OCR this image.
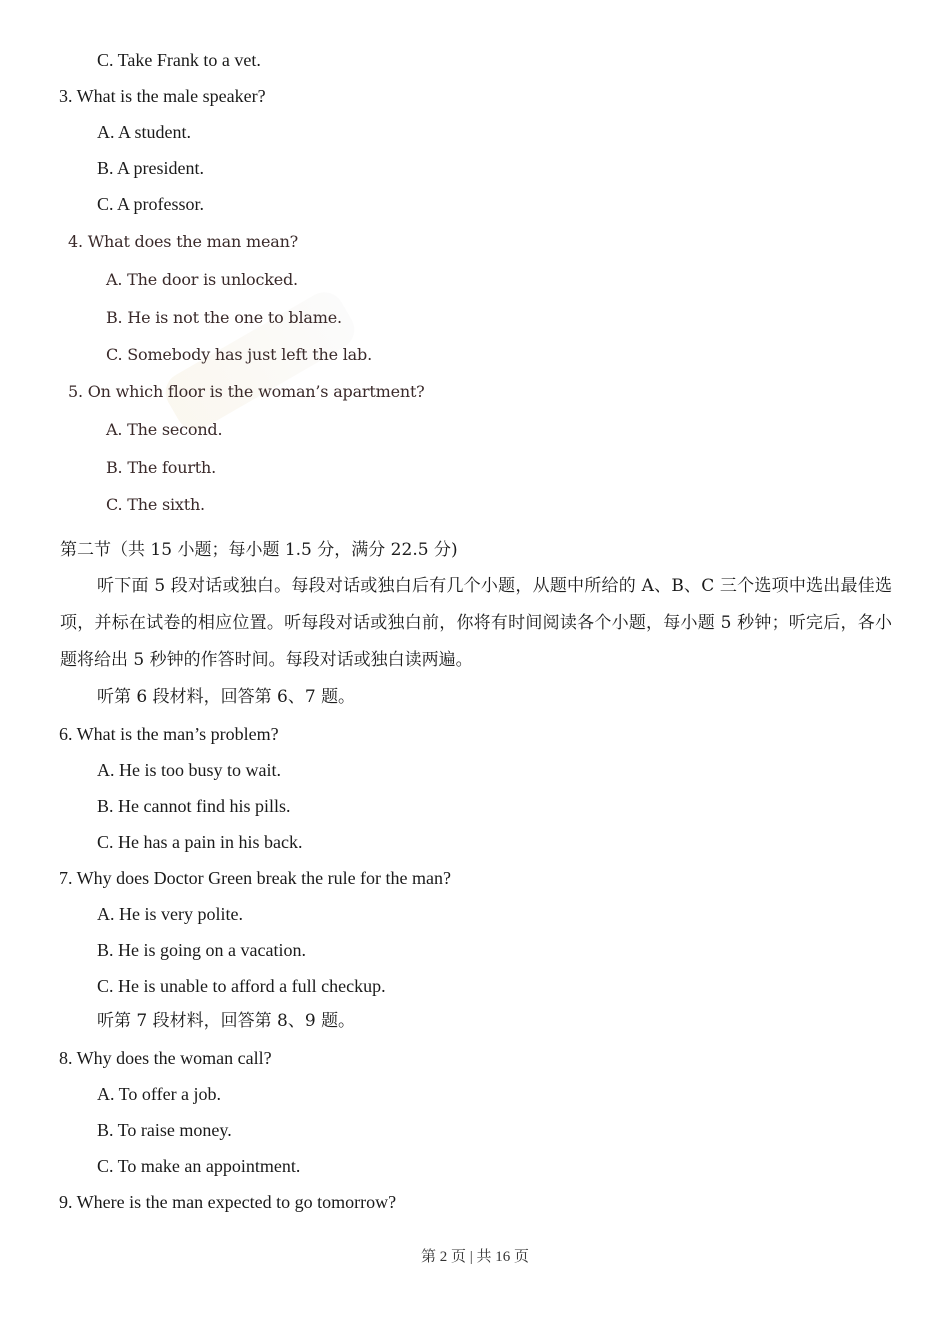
C. Take Frank to a vet.
3. What is the male speaker?
A. A student.
B. A president.
C. A professor.
4. What does the man mean?
A. The door is unlocked.
B. He is not the one to blame.
C. Somebody has just left the lab.
5. On which floor is the woman’s apartment?
A. The second.
B. The fourth.
C. The sixth.
第二节（共 15 小题；每小题 1.5 分，满分 22.5 分)
听下面 5 段对话或独白。每段对话或独白后有几个小题，从题中所给的 A、B、C 三个选项中选出最佳选项，并标在试卷的相应位置。听每段对话或独白前，你将有时间阅读各个小题，每小题 5 秒钟；听完后，各小题将给出 5 秒钟的作答时间。每段对话或独白读两遍。
听第 6 段材料，回答第 6、7 题。
6. What is the man’s problem?
A. He is too busy to wait.
B. He cannot find his pills.
C. He has a pain in his back.
7. Why does Doctor Green break the rule for the man?
A. He is very polite.
B. He is going on a vacation.
C. He is unable to afford a full checkup.
听第 7 段材料，回答第 8、9 题。
8. Why does the woman call?
A. To offer a job.
B. To raise money.
C. To make an appointment.
9. Where is the man expected to go tomorrow?
第 2 页 | 共 16 页
